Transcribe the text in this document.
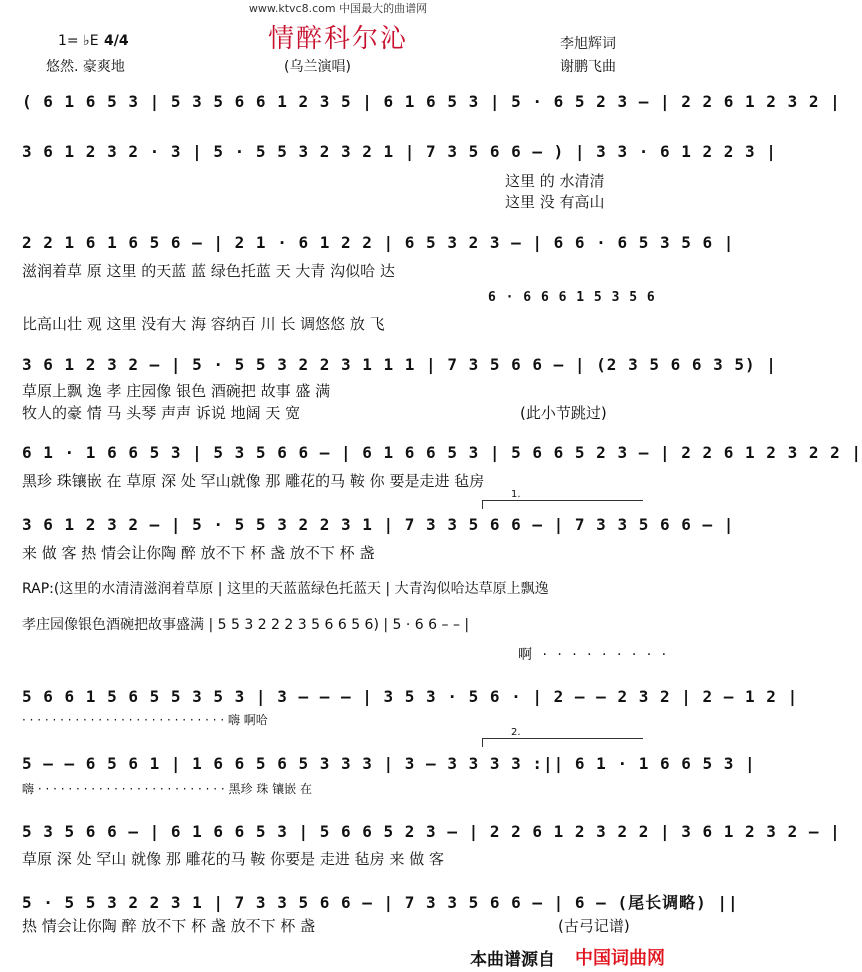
www.ktvc8.com 中国最大的曲谱网
情醉科尔沁
1= ♭E 4/4
悠然. 豪爽地	(乌兰演唱)
李旭辉词
谢鹏飞曲
( 6 1 6 5 3 | 5 3 5 6 6 1 2 3 5 | 6 1 6 5 3 | 5 · 6 5 2 3 – | 2 2 6 1 2 3 2 |
3 6 1 2 3 2 · 3 | 5 · 5 5 3 2 3 2 1 | 7 3 5 6 6 – ) | 3 3 · 6 1 2 2 3 |
这里 的 水清清
这里 没 有高山
2 2 1 6 1 6 5 6 – | 2 1 · 6 1 2 2 | 6 5 3 2 3 – | 6 6 · 6 5 3 5 6 |
滋润着草 原 这里 的天蓝 蓝 绿色托蓝 天 大青 沟似哈 达
6 · 6 6 6 1 5 3 5 6
比高山壮 观 这里 没有大 海 容纳百 川 长 调悠悠 放 飞
3 6 1 2 3 2 – | 5 · 5 5 3 2 2 3 1 1 1 | 7 3 5 6 6 – | (2 3 5 6 6 3 5) |
草原上飘 逸 孝 庄园像 银色 酒碗把 故事 盛 满
牧人的豪 情 马 头琴 声声 诉说 地阔 天 宽	(此小节跳过)
6 1 · 1 6 6 5 3 | 5 3 5 6 6 – | 6 1 6 6 5 3 | 5 6 6 5 2 3 – | 2 2 6 1 2 3 2 2 |
黑珍 珠镶嵌 在 草原 深 处 罕山就像 那 雕花的马 鞍 你 要是走进 毡房
1.
3 6 1 2 3 2 – | 5 · 5 5 3 2 2 3 1 | 7 3 3 5 6 6 – | 7 3 3 5 6 6 – |
来 做 客 热 情会让你陶 醉 放不下 杯 盏 放不下 杯 盏
RAP:(这里的水清清滋润着草原 | 这里的天蓝蓝绿色托蓝天 | 大青沟似哈达草原上飘逸
孝庄园像银色酒碗把故事盛满 | 5 5 3 2 2 2 3 5 6 6 5 6) | 5 · 6 6 – – |
啊 · · · · · · · · ·
5 6 6 1 5 6 5 5 3 5 3 | 3 – – – | 3 5 3 · 5 6 · | 2 – – 2 3 2 | 2 – 1 2 |
· · · · · · · · · · · · · · · · · · · · · · · · · · · 嗨 啊哈
2.
5 – – 6 5 6 1 | 1 6 6 5 6 5 3 3 3 | 3 – 3 3 3 3 :|| 6 1 · 1 6 6 5 3 |
嗨 · · · · · · · · · · · · · · · · · · · · · · · · · 黑珍 珠 镶嵌 在
5 3 5 6 6 – | 6 1 6 6 5 3 | 5 6 6 5 2 3 – | 2 2 6 1 2 3 2 2 | 3 6 1 2 3 2 – |
草原 深 处 罕山 就像 那 雕花的马 鞍 你要是 走进 毡房 来 做 客
5 · 5 5 3 2 2 3 1 | 7 3 3 5 6 6 – | 7 3 3 5 6 6 – | 6 – (尾长调略) ||
热 情会让你陶 醉 放不下 杯 盏 放不下 杯 盏	(古弓记谱)
本曲谱源自 中国词曲网
